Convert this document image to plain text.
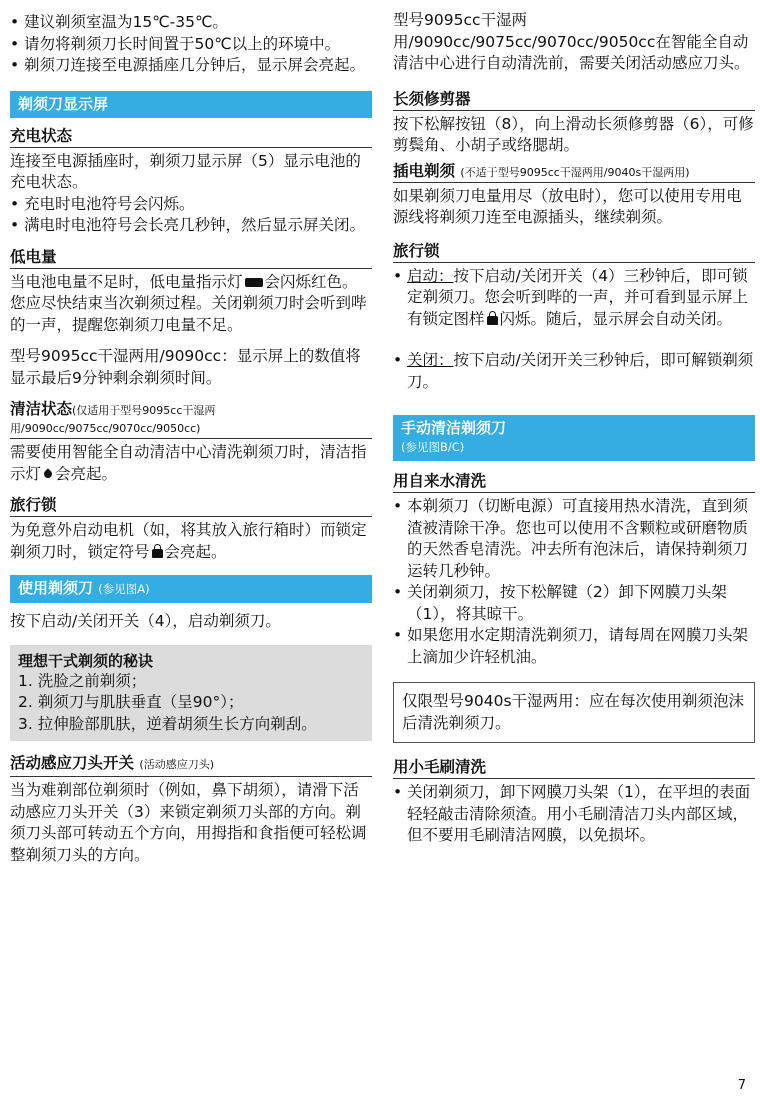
• 建议剃须室温为15℃-35℃。
• 请勿将剃须刀长时间置于50℃以上的环境中。
• 剃须刀连接至电源插座几分钟后，显示屏会亮起。
剃须刀显示屏
充电状态

连接至电源插座时，剃须刀显示屏（5）显示电池的充电状态。

• 充电时电池符号会闪烁。
• 满电时电池符号会长亮几秒钟，然后显示屏关闭。
低电量

当电池电量不足时，低电量指示灯 会闪烁红色。您应尽快结束当次剃须过程。关闭剃须刀时会听到哔的一声，提醒您剃须刀电量不足。

型号9095cc干湿两用/9090cc：显示屏上的数值将显示最后9分钟剩余剃须时间。

清洁状态(仅适用于型号9095cc干湿两用/9090cc/9075cc/9070cc/9050cc)

需要使用智能全自动清洁中心清洗剃须刀时，清洁指示灯 会亮起。

旅行锁

为免意外启动电机（如，将其放入旅行箱时）而锁定剃须刀时，锁定符号 会亮起。

使用剃须刀 (参见图A)

按下启动/关闭开关（4），启动剃须刀。

理想干式剃须的秘诀

1. 洗脸之前剃须；

2. 剃须刀与肌肤垂直（呈90°）；

3. 拉伸脸部肌肤，逆着胡须生长方向剃刮。

活动感应刀头开关 (活动感应刀头)

当为难剃部位剃须时（例如，鼻下胡须），请滑下活动感应刀头开关（3）来锁定剃须刀头部的方向。剃须刀头部可转动五个方向，用拇指和食指便可轻松调整剃须刀头的方向。

型号9095cc干湿两用/9090cc/9075cc/9070cc/9050cc在智能全自动清洁中心进行自动清洗前，需要关闭活动感应刀头。

长须修剪器

按下松解按钮（8），向上滑动长须修剪器（6），可修剪鬓角、小胡子或络腮胡。

插电剃须 (不适于型号9095cc干湿两用/9040s干湿两用)

如果剃须刀电量用尽（放电时），您可以使用专用电源线将剃须刀连至电源插头，继续剃须。

旅行锁
• 启动：按下启动/关闭开关（4）三秒钟后，即可锁定剃须刀。您会听到哔的一声，并可看到显示屏上有锁定图样 闪烁。随后，显示屏会自动关闭。
• 关闭：按下启动/关闭开关三秒钟后，即可解锁剃须刀。
手动清洁剃须刀
(参见图B/C)
用自来水清洗
• 本剃须刀（切断电源）可直接用热水清洗，直到须渣被清除干净。您也可以使用不含颗粒或研磨物质的天然香皂清洗。冲去所有泡沫后，请保持剃须刀运转几秒钟。
• 关闭剃须刀，按下松解键（2）卸下网膜刀头架（1），将其晾干。
• 如果您用水定期清洗剃须刀，请每周在网膜刀头架上滴加少许轻机油。

仅限型号9040s干湿两用：应在每次使用剃须泡沫后清洗剃须刀。

用小毛刷清洗
• 关闭剃须刀，卸下网膜刀头架（1），在平坦的表面轻轻敲击清除须渣。用小毛刷清洁刀头内部区域，但不要用毛刷清洁网膜，以免损坏。
7
